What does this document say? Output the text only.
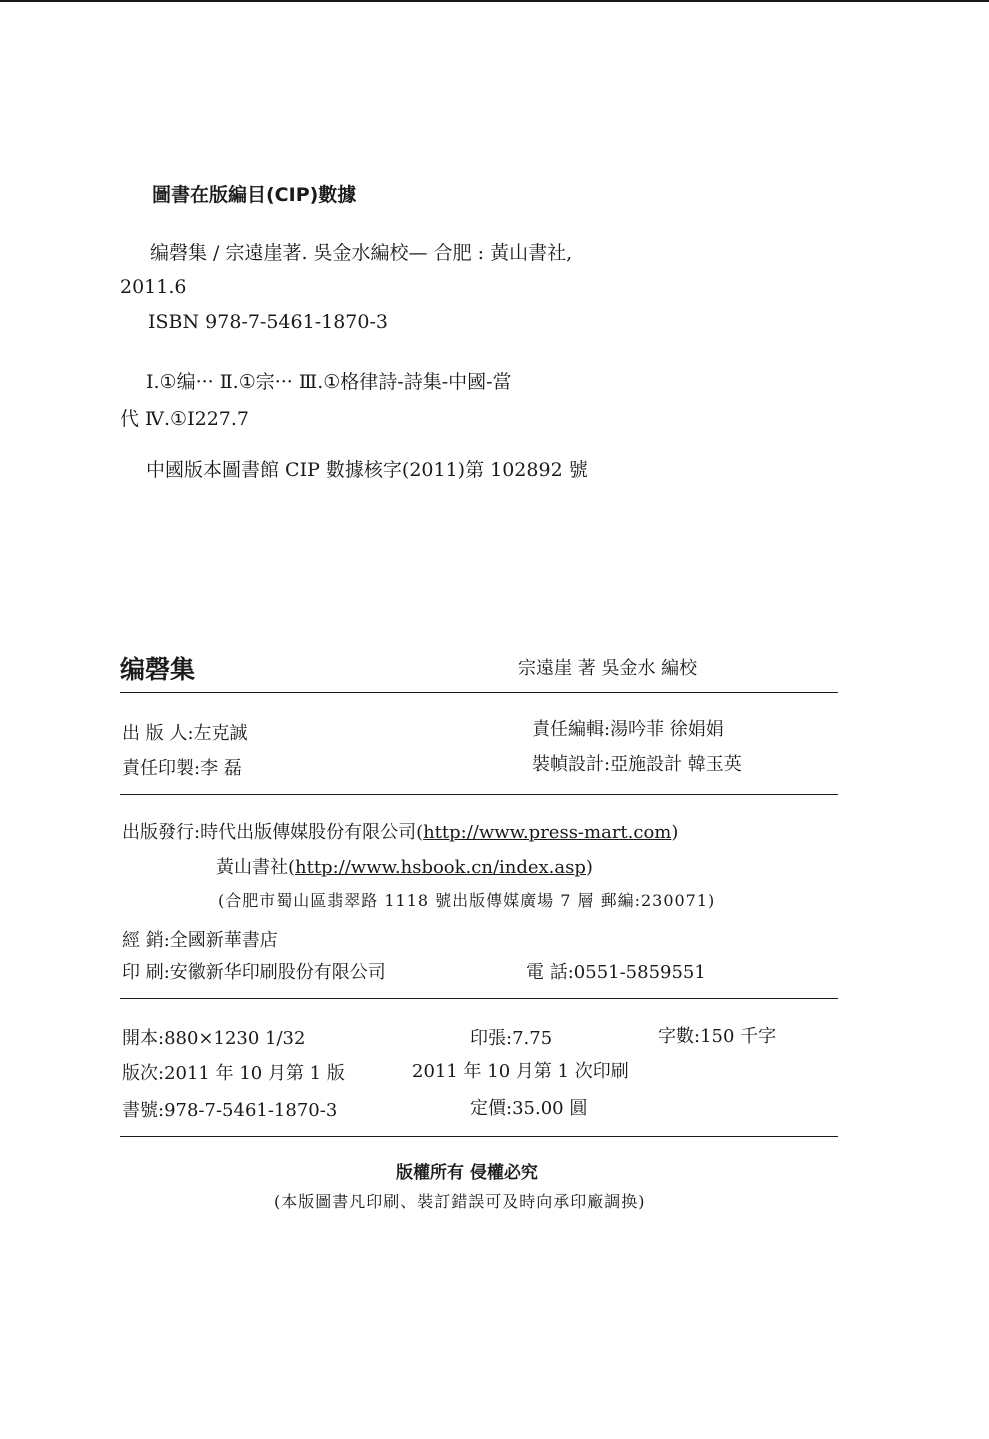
圖書在版編目(CIP)數據
编磬集 / 宗遠崖著. 吳金水編校— 合肥 : 黃山書社,
2011.6
ISBN 978-7-5461-1870-3
Ⅰ.①编··· Ⅱ.①宗··· Ⅲ.①格律詩-詩集-中國-當
代 Ⅳ.①I227.7
中國版本圖書館 CIP 數據核字(2011)第 102892 號
编磬集	宗遠崖 著 吳金水 編校
出 版 人:左克誠	責任編輯:湯吟菲 徐娟娟
責任印製:李 磊	裝幀設計:亞施設計 韓玉英
出版發行:時代出版傳媒股份有限公司(http://www.press-mart.com)
黃山書社(http://www.hsbook.cn/index.asp)
(合肥市蜀山區翡翠路 1118 號出版傳媒廣場 7 層 郵編:230071)
經 銷:全國新華書店
印 刷:安徽新华印刷股份有限公司	電 話:0551-5859551
開本:880×1230 1/32	印張:7.75	字數:150 千字
版次:2011 年 10 月第 1 版	2011 年 10 月第 1 次印刷
書號:978-7-5461-1870-3	定價:35.00 圓
版權所有 侵權必究
(本版圖書凡印刷、裝訂錯誤可及時向承印廠調换)
